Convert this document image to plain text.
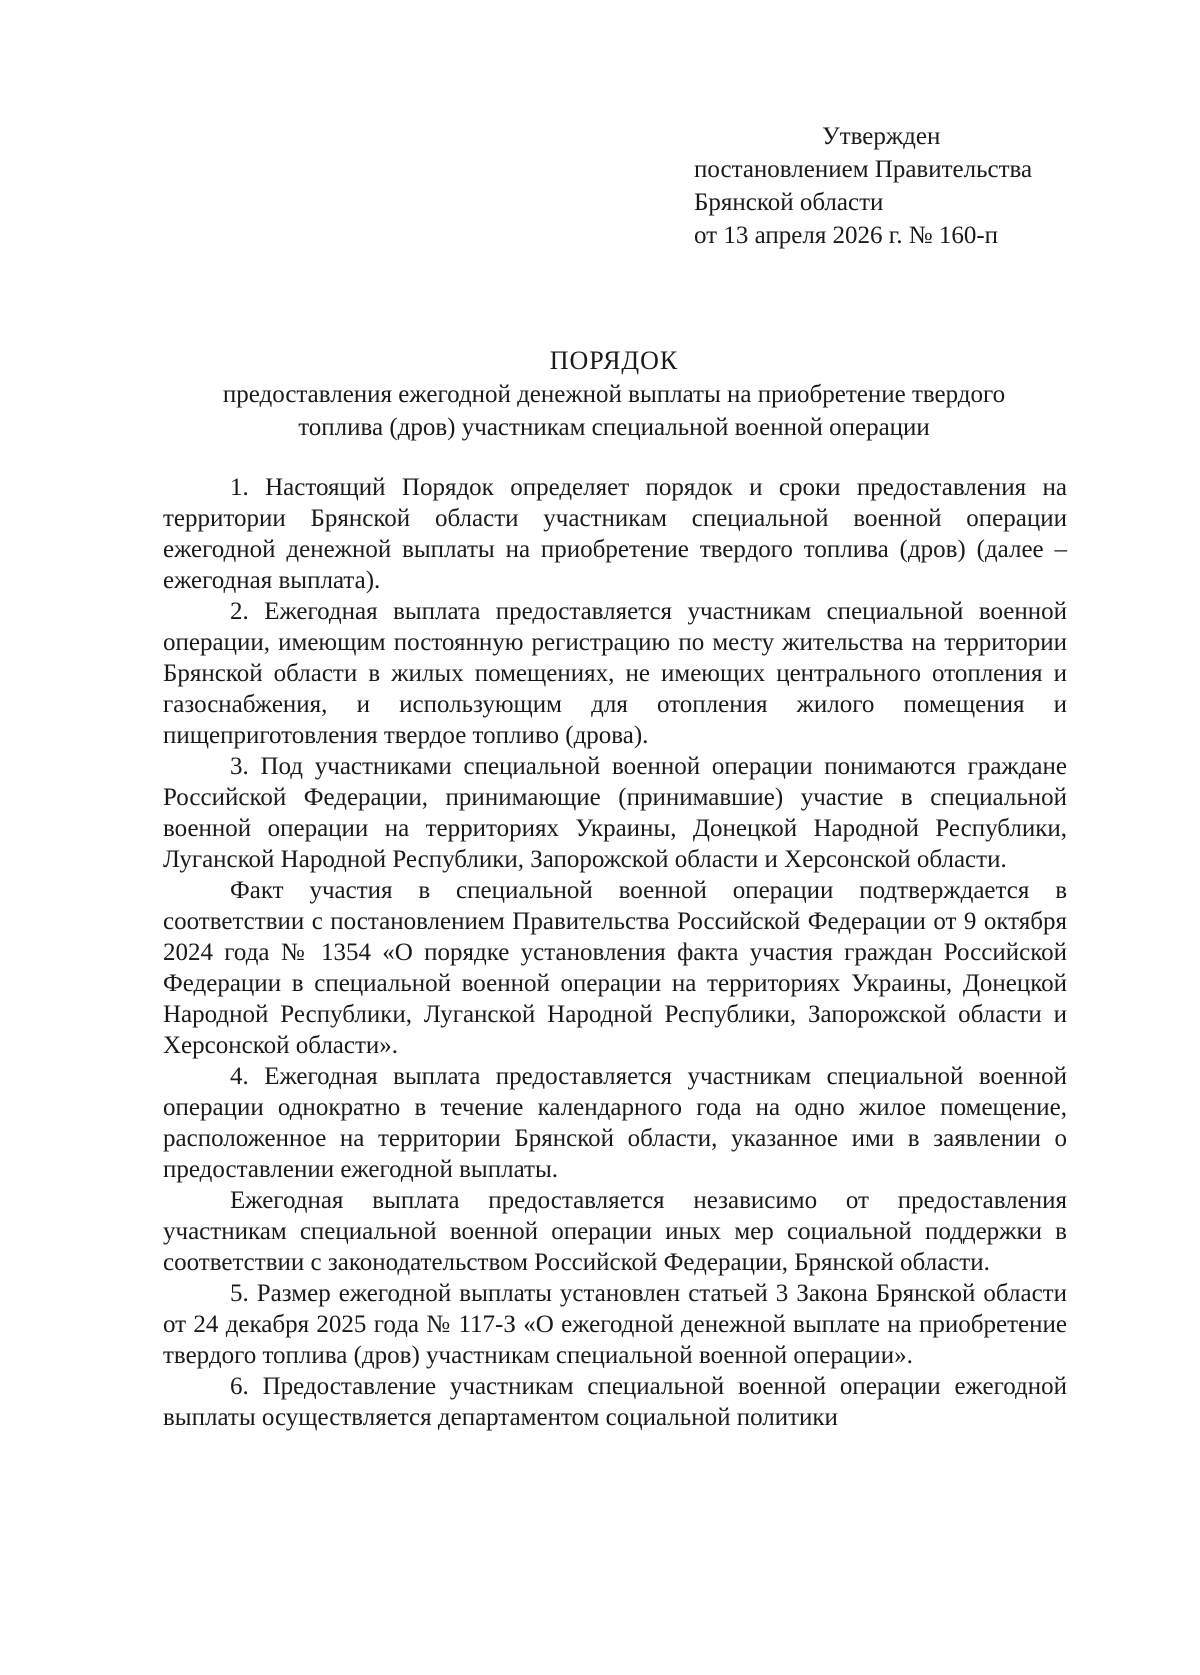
Утвержден
постановлением Правительства
Брянской области
от 13 апреля 2026 г. № 160-п
ПОРЯДОК
предоставления ежегодной денежной выплаты на приобретение твердого
топлива (дров) участникам специальной военной операции

1. Настоящий Порядок определяет порядок и сроки предоставления на территории Брянской области участникам специальной военной операции ежегодной денежной выплаты на приобретение твердого топлива (дров) (далее – ежегодная выплата).

2. Ежегодная выплата предоставляется участникам специальной военной операции, имеющим постоянную регистрацию по месту жительства на территории Брянской области в жилых помещениях, не имеющих центрального отопления и газоснабжения, и использующим для отопления жилого помещения и пищеприготовления твердое топливо (дрова).

3. Под участниками специальной военной операции понимаются граждане Российской Федерации, принимающие (принимавшие) участие в специальной военной операции на территориях Украины, Донецкой Народной Республики, Луганской Народной Республики, Запорожской области и Херсонской области.

Факт участия в специальной военной операции подтверждается в соответствии с постановлением Правительства Российской Федерации от 9 октября 2024 года № 1354 «О порядке установления факта участия граждан Российской Федерации в специальной военной операции на территориях Украины, Донецкой Народной Республики, Луганской Народной Республики, Запорожской области и Херсонской области».

4. Ежегодная выплата предоставляется участникам специальной военной операции однократно в течение календарного года на одно жилое помещение, расположенное на территории Брянской области, указанное ими в заявлении о предоставлении ежегодной выплаты.

Ежегодная выплата предоставляется независимо от предоставления участникам специальной военной операции иных мер социальной поддержки в соответствии с законодательством Российской Федерации, Брянской области.

5. Размер ежегодной выплаты установлен статьей 3 Закона Брянской области от 24 декабря 2025 года № 117-З «О ежегодной денежной выплате на приобретение твердого топлива (дров) участникам специальной военной операции».

6. Предоставление участникам специальной военной операции ежегодной выплаты осуществляется департаментом социальной политики
